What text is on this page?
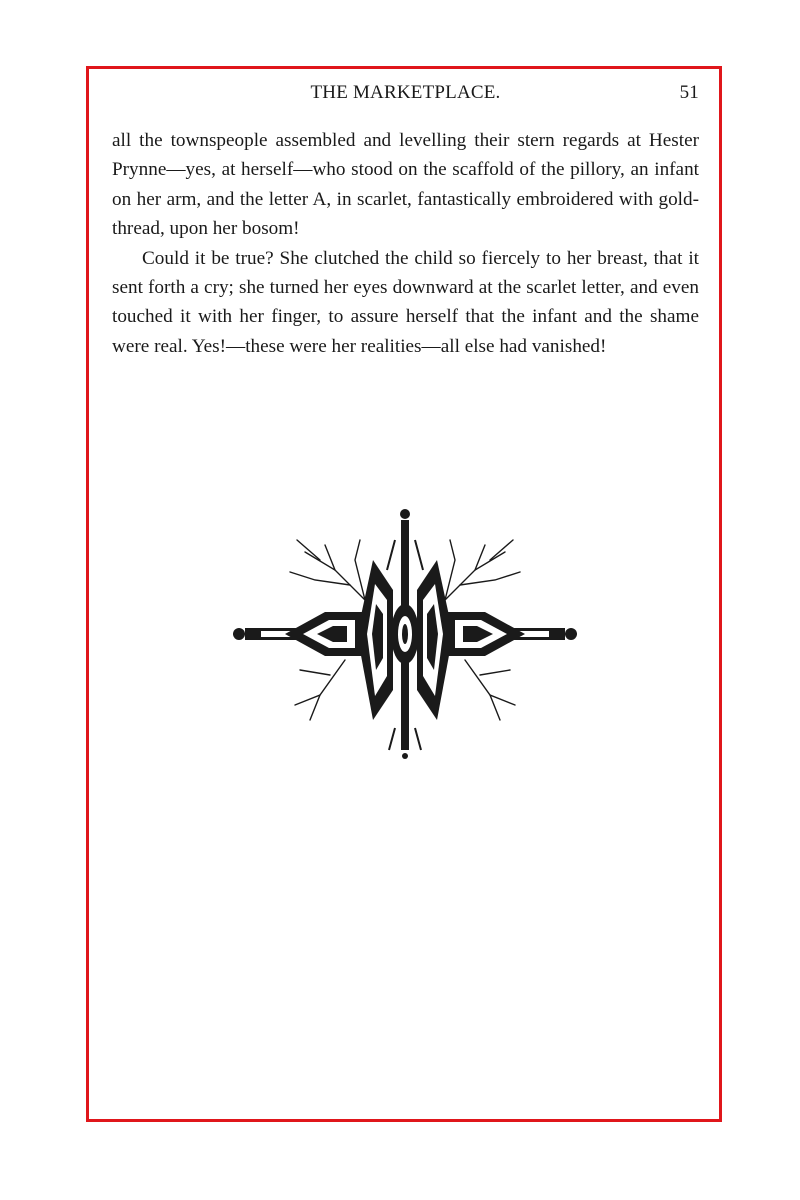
THE MARKETPLACE.	51

all the townspeople assembled and levelling their stern regards at Hester Prynne—yes, at herself—who stood on the scaffold of the pillory, an infant on her arm, and the letter A, in scarlet, fantastically embroidered with gold-thread, upon her bosom!

Could it be true? She clutched the child so fiercely to her breast, that it sent forth a cry; she turned her eyes downward at the scarlet letter, and even touched it with her finger, to assure herself that the infant and the shame were real. Yes!—these were her realities—all else had vanished!
